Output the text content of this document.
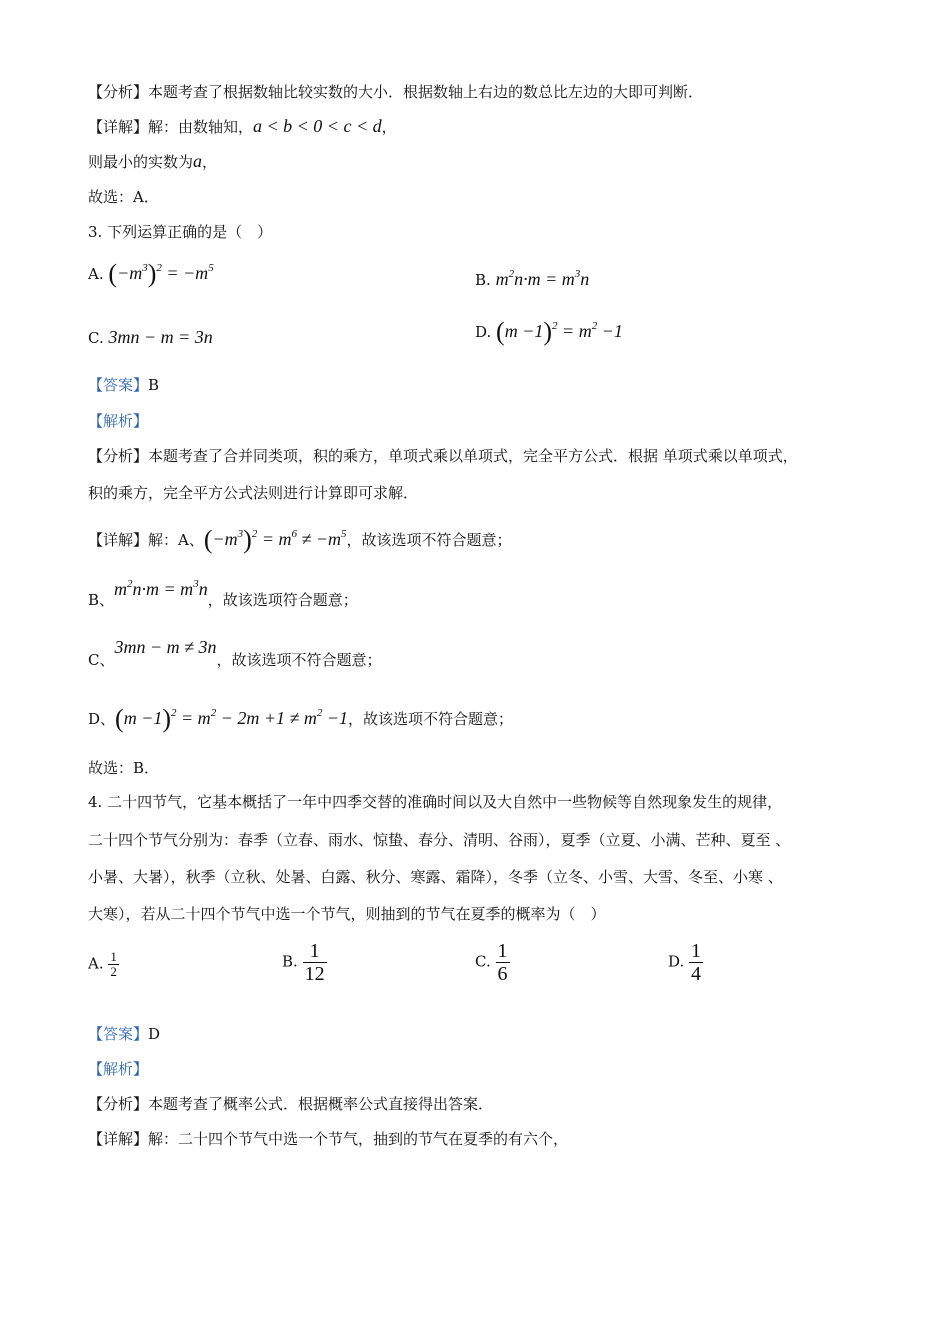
【分析】本题考查了根据数轴比较实数的大小．根据数轴上右边的数总比左边的大即可判断．
【详解】解：由数轴知，a < b < 0 < c < d，
则最小的实数为a，
故选：A．
3. 下列运算正确的是（　）
A. $(-m^3)^2 = -m^5$
B. $m^2n\cdot m = m^3n$
C. 3mn − m = 3n	D. $(m -1)^2 = m^2 -1$
【答案】B
【解析】
【分析】本题考查了合并同类项，积的乘方，单项式乘以单项式，完全平方公式．根据 单项式乘以单项式，
积的乘方，完全平方公式法则进行计算即可求解．
【详解】解：A、$(-m^3)^2 = m^6 \ne -m^5$，故该选项不符合题意；
B、$m^2n\cdot m = m^3n$，故该选项符合题意；
C、3mn − m ≠ 3n，故该选项不符合题意；
D、$(m -1)^2 = m^2 - 2m +1 \ne m^2 -1$，故该选项不符合题意；
故选：B．
4. 二十四节气，它基本概括了一年中四季交替的准确时间以及大自然中一些物候等自然现象发生的规律，
二十四个节气分别为：春季（立春、雨水、惊蛰、春分、清明、谷雨），夏季（立夏、小满、芒种、夏至 、
小暑、大暑），秋季（立秋、处暑、白露、秋分、寒露、霜降），冬季（立冬、小雪、大雪、冬至、小寒 、
大寒），若从二十四个节气中选一个节气，则抽到的节气在夏季的概率为（　）
A. $\frac{1}{2}$	B. $\frac{1}{12}$	C. $\frac{1}{6}$	D. $\frac{1}{4}$
【答案】D
【解析】
【分析】本题考查了概率公式．根据概率公式直接得出答案．
【详解】解：二十四个节气中选一个节气，抽到的节气在夏季的有六个，
